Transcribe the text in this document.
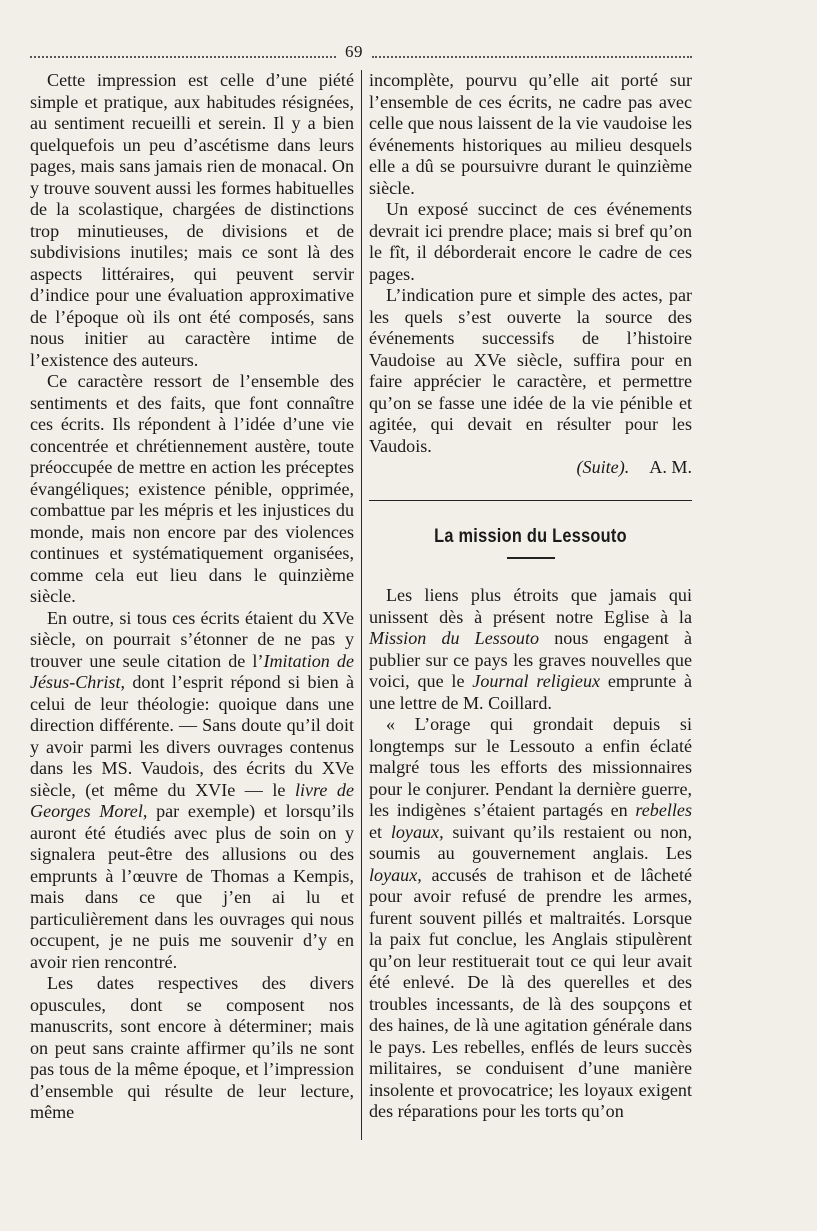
69

Cette impression est celle d’une piété simple et pratique, aux habitudes résignées, au sentiment recueilli et serein. Il y a bien quelquefois un peu d’ascétisme dans leurs pages, mais sans jamais rien de monacal. On y trouve souvent aussi les formes habituelles de la scolastique, chargées de distinctions trop minutieuses, de divisions et de subdivisions inutiles; mais ce sont là des aspects littéraires, qui peuvent servir d’indice pour une évaluation approximative de l’époque où ils ont été composés, sans nous initier au caractère intime de l’existence des auteurs.

Ce caractère ressort de l’ensemble des sentiments et des faits, que font connaître ces écrits. Ils répondent à l’idée d’une vie concentrée et chrétiennement austère, toute préoccupée de mettre en action les préceptes évangéliques; existence pénible, opprimée, combattue par les mépris et les injustices du monde, mais non encore par des violences continues et systématiquement organisées, comme cela eut lieu dans le quinzième siècle.

En outre, si tous ces écrits étaient du XVe siècle, on pourrait s’étonner de ne pas y trouver une seule citation de l’Imitation de Jésus-Christ, dont l’esprit répond si bien à celui de leur théologie: quoique dans une direction différente. — Sans doute qu’il doit y avoir parmi les divers ouvrages contenus dans les MS. Vaudois, des écrits du XVe siècle, (et même du XVIe — le livre de Georges Morel, par exemple) et lorsqu’ils auront été étudiés avec plus de soin on y signalera peut-être des allusions ou des emprunts à l’œuvre de Thomas a Kempis, mais dans ce que j’en ai lu et particulièrement dans les ouvrages qui nous occupent, je ne puis me souvenir d’y en avoir rien rencontré.

Les dates respectives des divers opuscules, dont se composent nos manuscrits, sont encore à déterminer; mais on peut sans crainte affirmer qu’ils ne sont pas tous de la même époque, et l’impression d’ensemble qui résulte de leur lecture, même

incomplète, pourvu qu’elle ait porté sur l’ensemble de ces écrits, ne cadre pas avec celle que nous laissent de la vie vaudoise les événements historiques au milieu desquels elle a dû se poursuivre durant le quinzième siècle.

Un exposé succinct de ces événements devrait ici prendre place; mais si bref qu’on le fît, il déborderait encore le cadre de ces pages.

L’indication pure et simple des actes, par les quels s’est ouverte la source des événements successifs de l’histoire Vaudoise au XVe siècle, suffira pour en faire apprécier le caractère, et permettre qu’on se fasse une idée de la vie pénible et agitée, qui devait en résulter pour les Vaudois.

(Suite). A. M.
La mission du Lessouto

Les liens plus étroits que jamais qui unissent dès à présent notre Eglise à la Mission du Lessouto nous engagent à publier sur ce pays les graves nouvelles que voici, que le Journal religieux emprunte à une lettre de M. Coillard.

« L’orage qui grondait depuis si longtemps sur le Lessouto a enfin éclaté malgré tous les efforts des missionnaires pour le conjurer. Pendant la dernière guerre, les indigènes s’étaient partagés en rebelles et loyaux, suivant qu’ils restaient ou non, soumis au gouvernement anglais. Les loyaux, accusés de trahison et de lâcheté pour avoir refusé de prendre les armes, furent souvent pillés et maltraités. Lorsque la paix fut conclue, les Anglais stipulèrent qu’on leur restituerait tout ce qui leur avait été enlevé. De là des querelles et des troubles incessants, de là des soupçons et des haines, de là une agitation générale dans le pays. Les rebelles, enflés de leurs succès militaires, se conduisent d’une manière insolente et provocatrice; les loyaux exigent des réparations pour les torts qu’on
